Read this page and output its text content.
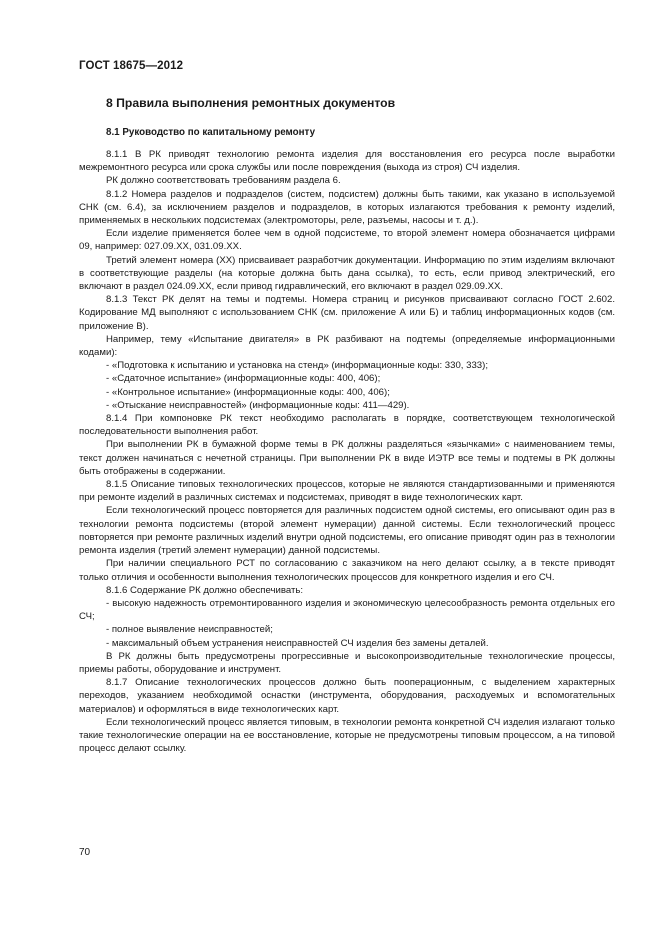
ГОСТ 18675—2012
8 Правила выполнения ремонтных документов
8.1 Руководство по капитальному ремонту

8.1.1 В РК приводят технологию ремонта изделия для восстановления его ресурса после выработки межремонтного ресурса или срока службы или после повреждения (выхода из строя) СЧ изделия.

РК должно соответствовать требованиям раздела 6.

8.1.2 Номера разделов и подразделов (систем, подсистем) должны быть такими, как указано в используемой СНК (см. 6.4), за исключением разделов и подразделов, в которых излагаются требования к ремонту изделий, применяемых в нескольких подсистемах (электромоторы, реле, разъемы, насосы и т. д.).

Если изделие применяется более чем в одной подсистеме, то второй элемент номера обозначается цифрами 09, например: 027.09.XX, 031.09.XX.

Третий элемент номера (XX) присваивает разработчик документации. Информацию по этим изделиям включают в соответствующие разделы (на которые должна быть дана ссылка), то есть, если привод электрический, его включают в раздел 024.09.XX, если привод гидравлический, его включают в раздел 029.09.XX.

8.1.3 Текст РК делят на темы и подтемы. Номера страниц и рисунков присваивают согласно ГОСТ 2.602. Кодирование МД выполняют с использованием СНК (см. приложение А или Б) и таблиц информационных кодов (см. приложение В).

Например, тему «Испытание двигателя» в РК разбивают на подтемы (определяемые информационными кодами):

- «Подготовка к испытанию и установка на стенд» (информационные коды: 330, 333);

- «Сдаточное испытание» (информационные коды: 400, 406);

- «Контрольное испытание» (информационные коды: 400, 406);

- «Отыскание неисправностей» (информационные коды: 411—429).

8.1.4 При компоновке РК текст необходимо располагать в порядке, соответствующем технологической последовательности выполнения работ.

При выполнении РК в бумажной форме темы в РК должны разделяться «язычками» с наименованием темы, текст должен начинаться с нечетной страницы. При выполнении РК в виде ИЭТР все темы и подтемы в РК должны быть отображены в содержании.

8.1.5 Описание типовых технологических процессов, которые не являются стандартизованными и применяются при ремонте изделий в различных системах и подсистемах, приводят в виде технологических карт.

Если технологический процесс повторяется для различных подсистем одной системы, его описывают один раз в технологии ремонта подсистемы (второй элемент нумерации) данной системы. Если технологический процесс повторяется при ремонте различных изделий внутри одной подсистемы, его описание приводят один раз в технологии ремонта изделия (третий элемент нумерации) данной подсистемы.

При наличии специального РСТ по согласованию с заказчиком на него делают ссылку, а в тексте приводят только отличия и особенности выполнения технологических процессов для конкретного изделия и его СЧ.

8.1.6 Содержание РК должно обеспечивать:

- высокую надежность отремонтированного изделия и экономическую целесообразность ремонта отдельных его СЧ;

- полное выявление неисправностей;

- максимальный объем устранения неисправностей СЧ изделия без замены деталей.

В РК должны быть предусмотрены прогрессивные и высокопроизводительные технологические процессы, приемы работы, оборудование и инструмент.

8.1.7 Описание технологических процессов должно быть пооперационным, с выделением характерных переходов, указанием необходимой оснастки (инструмента, оборудования, расходуемых и вспомогательных материалов) и оформляться в виде технологических карт.

Если технологический процесс является типовым, в технологии ремонта конкретной СЧ изделия излагают только такие технологические операции на ее восстановление, которые не предусмотрены типовым процессом, а на типовой процесс делают ссылку.

70
